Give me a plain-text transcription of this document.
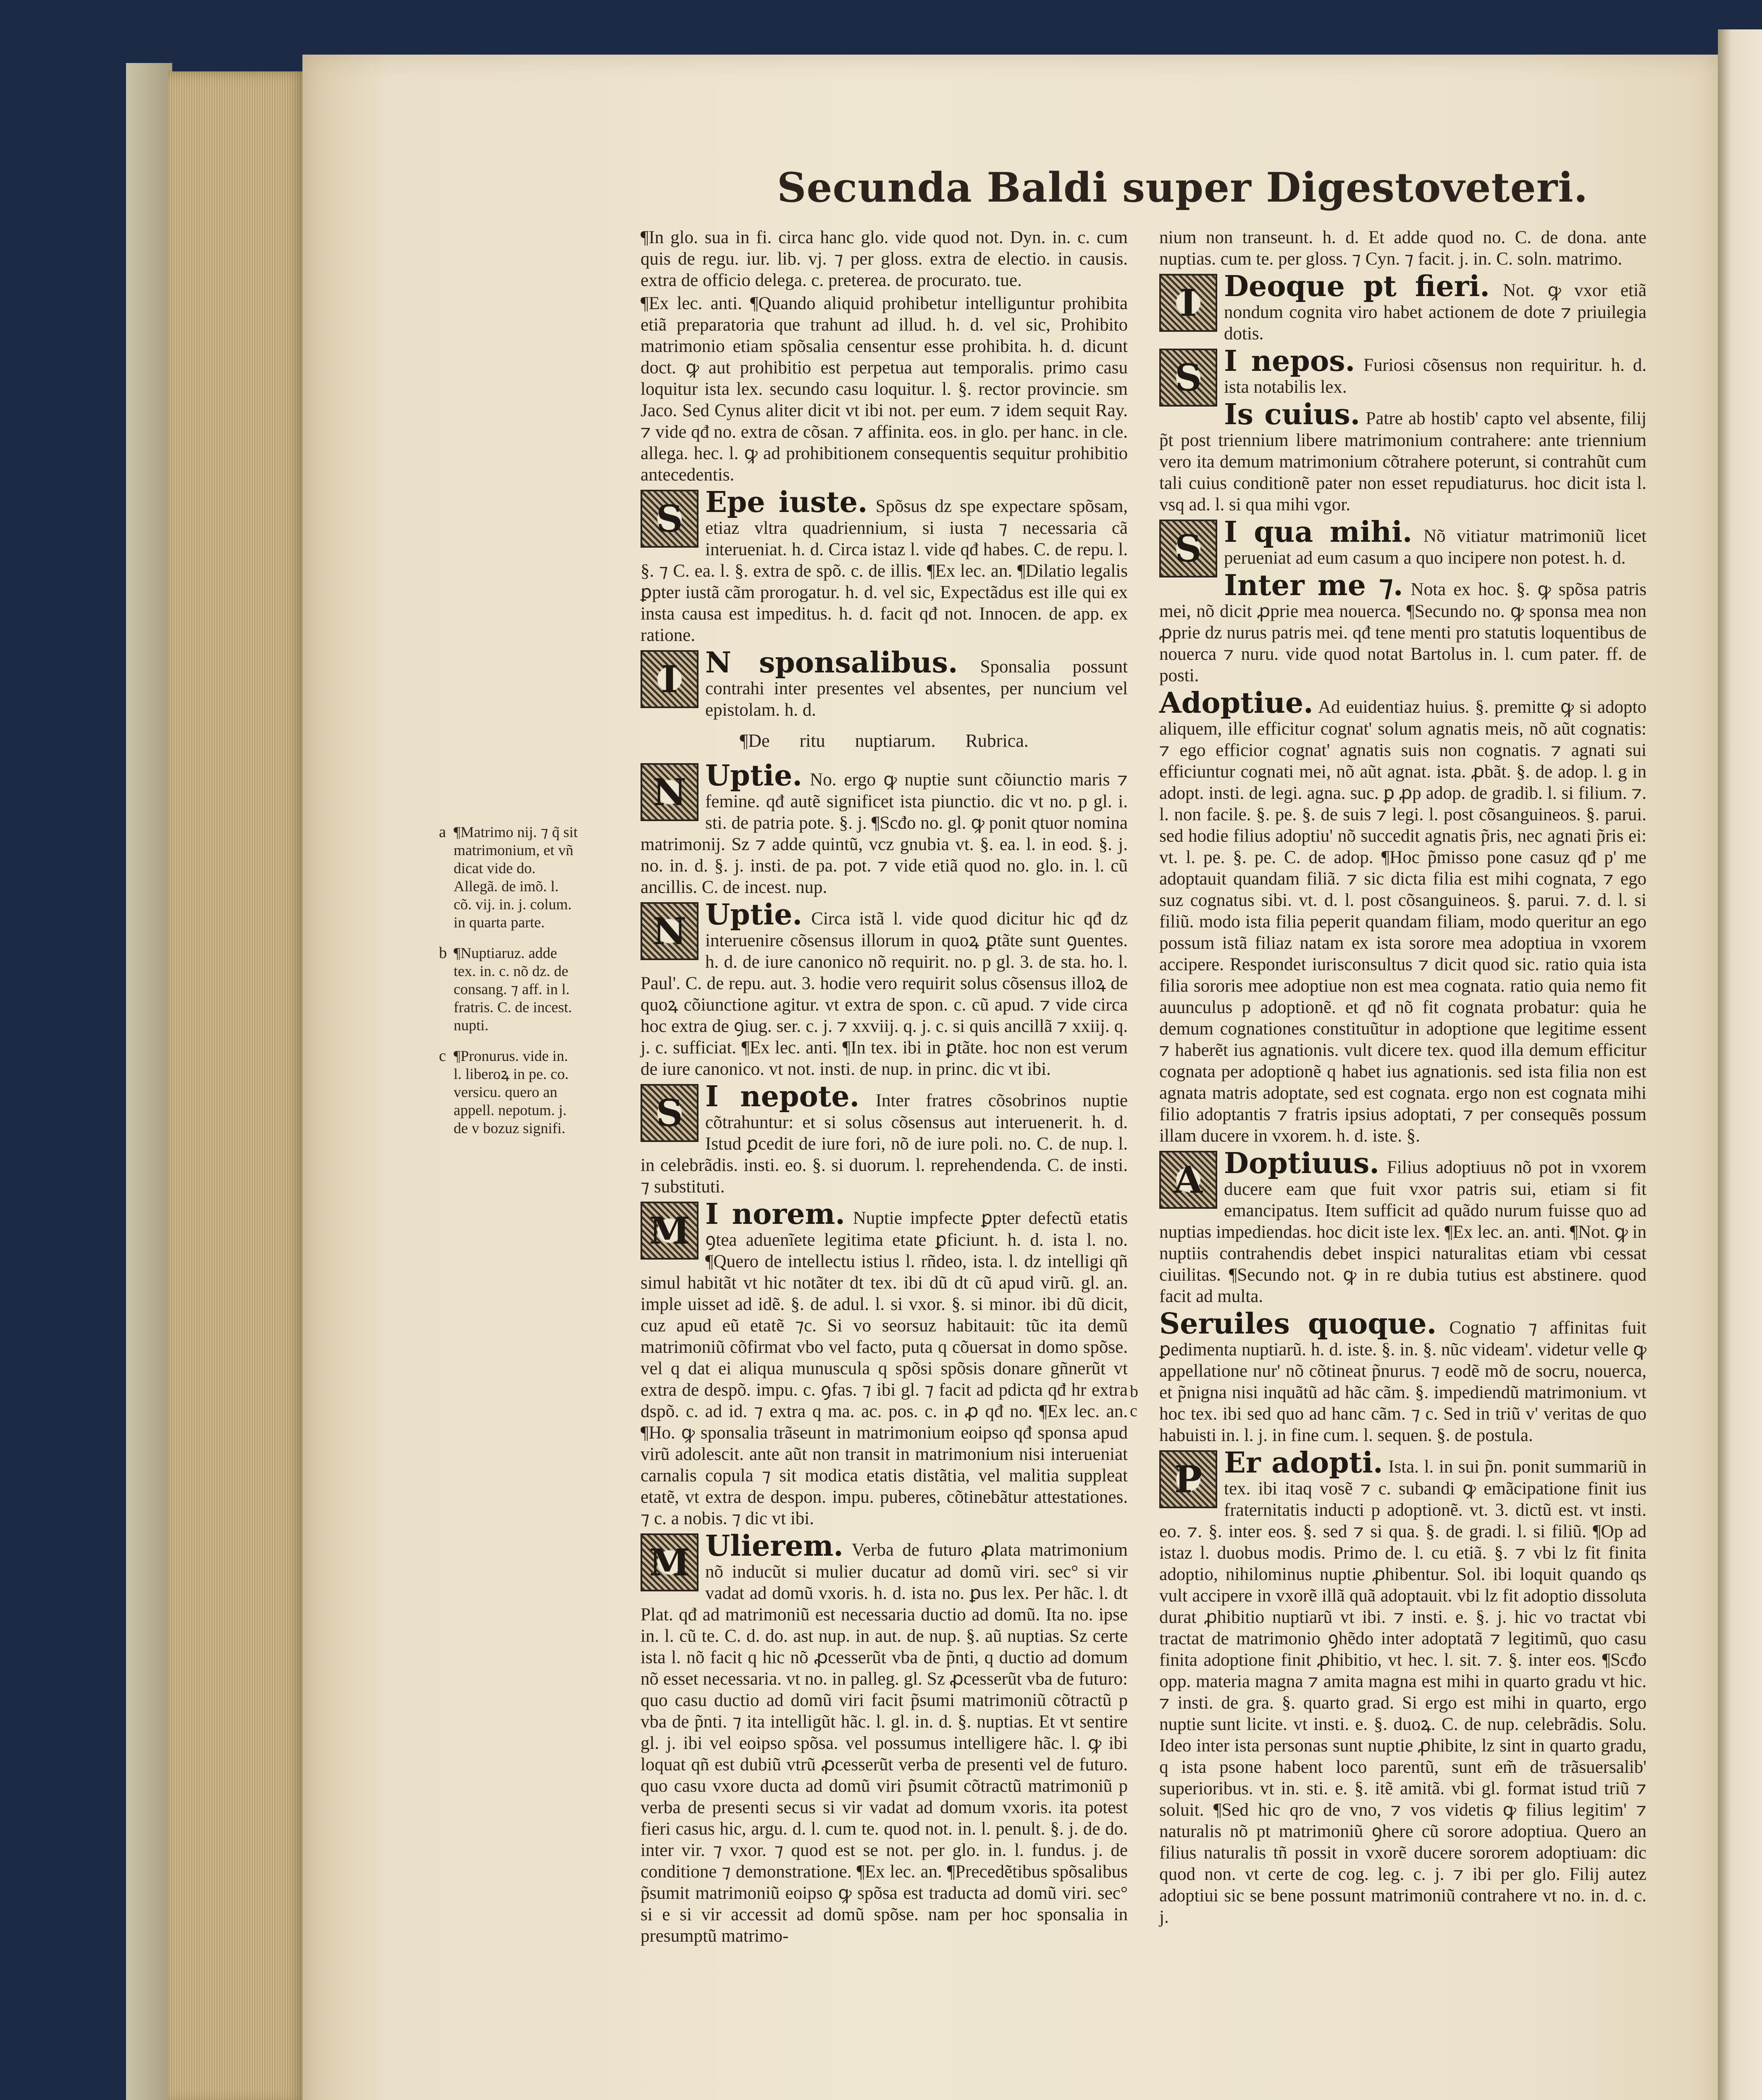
Secunda Baldi super Digestoveteri.

¶In glo. sua in fi. circa hanc glo. vide quod not. Dyn. in. c. cum quis de regu. iur. lib. vj. ⁊ per gloss. extra de electio. in causis. extra de officio delega. c. preterea. de procurato. tue.

¶Ex lec. anti. ¶Quando aliquid prohibetur intelliguntur prohibita etiã preparatoria que trahunt ad illud. h. d. vel sic, Prohibito matrimonio etiam spõsalia censentur esse prohibita. h. d. dicunt doct. ꝙ aut prohibitio est perpetua aut temporalis. primo casu loquitur ista lex. secundo casu loquitur. l. §. rector provincie. sm Jaco. Sed Cynus aliter dicit vt ibi not. per eum. ⁊ idem sequit Ray. ⁊ vide qđ no. extra de cõsan. ⁊ affinita. eos. in glo. per hanc. in cle. allega. hec. l. ꝙ ad prohibitionem consequentis sequitur prohibitio antecedentis.

S Epe iuste. Spõsus dz spe expectare spõsam, etiaz vltra quadriennium, si iusta ⁊ necessaria cã interueniat. h. d. Circa istaz l. vide qđ habes. C. de repu. l. §. ⁊ C. ea. l. §. extra de spõ. c. de illis. ¶Ex lec. an. ¶Dilatio legalis ꝑpter iustã cãm prorogatur. h. d. vel sic, Expectãdus est ille qui ex insta causa est impeditus. h. d. facit qđ not. Innocen. de app. ex ratione.
I N sponsalibus. Sponsalia possunt contrahi inter presentes vel absentes, per nuncium vel epistolam. h. d.
¶De ritu nuptiarum. Rubrica.
N Uptie. No. ergo ꝙ nuptie sunt cõiunctio maris ⁊ femine. qđ autẽ significet ista piunctio. dic vt no. p gl. i. sti. de patria pote. §. j. ¶Scđo no. gl. ꝙ ponit qtuor nomina matrimonij. Sz ⁊ adde quintũ, vcz gnubia vt. §. ea. l. in eod. §. j. no. in. d. §. j. insti. de pa. pot. ⁊ vide etiã quod no. glo. in. l. cũ ancillis. C. de incest. nup.
N Uptie. Circa istã l. vide quod dicitur hic qđ dz interuenire cõsensus illorum in quoꝝ ꝑtãte sunt ꝯuentes. h. d. de iure canonico nõ requirit. no. p gl. 3. de sta. ho. l. Paul'. C. de repu. aut. 3. hodie vero requirit solus cõsensus illoꝝ de quoꝝ cõiunctione agitur. vt extra de spon. c. cũ apud. ⁊ vide circa hoc extra de ꝯiug. ser. c. j. ⁊ xxviij. q. j. c. si quis ancillã ⁊ xxiij. q. j. c. sufficiat. ¶Ex lec. anti. ¶In tex. ibi in ꝑtãte. hoc non est verum de iure canonico. vt not. insti. de nup. in princ. dic vt ibi.
S I nepote. Inter fratres cõsobrinos nuptie cõtrahuntur: et si solus cõsensus aut interuenerit. h. d. Istud ꝑcedit de iure fori, nõ de iure poli. no. C. de nup. l. in celebrãdis. insti. eo. §. si duorum. l. reprehendenda. C. de insti. ⁊ substituti.
M I norem. Nuptie impfecte ꝑpter defectũ etatis ꝯtea aduenĩete legitima etate ꝑficiunt. h. d. ista l. no. ¶Quero de intellectu istius l. rñdeo, ista. l. dz intelligi qñ simul habitãt vt hic notãter dt tex. ibi dũ dt cũ apud virũ. gl. an. imple uisset ad idẽ. §. de adul. l. si vxor. §. si minor. ibi dũ dicit, cuz apud eũ etatẽ ⁊c. Si vo seorsuz habitauit: tũc ita demũ matrimoniũ cõfirmat vbo vel facto, puta q cõuersat in domo spõse. vel q dat ei aliqua munuscula q spõsi spõsis donare gñnerũt vt extra de despõ. impu. c. ꝯfas. ⁊ ibi gl. ⁊ facit ad pdicta qđ hr extra dspõ. c. ad id. ⁊ extra q ma. ac. pos. c. in ꝓ qđ no. ¶Ex lec. an. ¶Ho. ꝙ sponsalia trãseunt in matrimonium eoipso qđ sponsa apud virũ adolescit. ante aũt non transit in matrimonium nisi interueniat carnalis copula ⁊ sit modica etatis distãtia, vel malitia suppleat etatẽ, vt extra de despon. impu. puberes, cõtinebãtur attestationes. ⁊ c. a nobis. ⁊ dic vt ibi.
M Ulierem. Verba de futuro ꝓlata matrimonium nõ inducũt si mulier ducatur ad domũ viri. sec° si vir vadat ad domũ vxoris. h. d. ista no. ꝑus lex. Per hãc. l. dt Plat. qđ ad matrimoniũ est necessaria ductio ad domũ. Ita no. ipse in. l. cũ te. C. d. do. ast nup. in aut. de nup. §. aũ nuptias. Sz certe ista l. nõ facit q hic nõ ꝓcesserũt vba de p̃nti, q ductio ad domum nõ esset necessaria. vt no. in palleg. gl. Sz ꝓcesserũt vba de futuro: quo casu ductio ad domũ viri facit p̃sumi matrimoniũ cõtractũ p vba de p̃nti. ⁊ ita intelligũt hãc. l. gl. in. d. §. nuptias. Et vt sentire gl. j. ibi vel eoipso spõsa. vel possumus intelligere hãc. l. ꝙ ibi loquat qñ est dubiũ vtrũ ꝓcesserũt verba de presenti vel de futuro. quo casu vxore ducta ad domũ viri p̃sumit cõtractũ matrimoniũ p verba de presenti secus si vir vadat ad domum vxoris. ita potest fieri casus hic, argu. d. l. cum te. quod not. in. l. penult. §. j. de do. inter vir. ⁊ vxor. ⁊ quod est se not. per glo. in. l. fundus. j. de conditione ⁊ demonstratione. ¶Ex lec. an. ¶Precedẽtibus spõsalibus p̃sumit matrimoniũ eoipso ꝙ spõsa est traducta ad domũ viri. sec° si e si vir accessit ad domũ spõse. nam per hoc sponsalia in presumptũ matrimo-

nium non transeunt. h. d. Et adde quod no. C. de dona. ante nuptias. cum te. per gloss. ⁊ Cyn. ⁊ facit. j. in. C. soln. matrimo.

I Deoque pt fieri. Not. ꝙ vxor etiã nondum cognita viro habet actionem de dote ⁊ priuilegia dotis.
S I nepos. Furiosi cõsensus non requiritur. h. d. ista notabilis lex.
Is cuius. Patre ab hostib' capto vel absente, filij p̃t post triennium libere matrimonium contrahere: ante triennium vero ita demum matrimonium cõtrahere poterunt, si contrahũt cum tali cuius conditionẽ pater non esset repudiaturus. hoc dicit ista l. vsq ad. l. si qua mihi vgor.
S I qua mihi. Nõ vitiatur matrimoniũ licet perueniat ad eum casum a quo incipere non potest. h. d.
Inter me ⁊. Nota ex hoc. §. ꝙ spõsa patris mei, nõ dicit ꝓprie mea nouerca. ¶Secundo no. ꝙ sponsa mea non ꝓprie dz nurus patris mei. qđ tene menti pro statutis loquentibus de nouerca ⁊ nuru. vide quod notat Bartolus in. l. cum pater. ff. de posti.
Adoptiue. Ad euidentiaz huius. §. premitte ꝙ si adopto aliquem, ille efficitur cognat' solum agnatis meis, nõ aũt cognatis: ⁊ ego efficior cognat' agnatis suis non cognatis. ⁊ agnati sui efficiuntur cognati mei, nõ aũt agnat. ista. ꝓbãt. §. de adop. l. g in adopt. insti. de legi. agna. suc. ꝑ ꝓp adop. de gradib. l. si filium. ⁊. l. non facile. §. pe. §. de suis ⁊ legi. l. post cõsanguineos. §. parui. sed hodie filius adoptiu' nõ succedit agnatis p̃ris, nec agnati p̃ris ei: vt. l. pe. §. pe. C. de adop. ¶Hoc p̃misso pone casuz qđ p' me adoptauit quandam filiã. ⁊ sic dicta filia est mihi cognata, ⁊ ego suz cognatus sibi. vt. d. l. post cõsanguineos. §. parui. ⁊. d. l. si filiũ. modo ista filia peperit quandam filiam, modo queritur an ego possum istã filiaz natam ex ista sorore mea adoptiua in vxorem accipere. Respondet iurisconsultus ⁊ dicit quod sic. ratio quia ista filia sororis mee adoptiue non est mea cognata. ratio quia nemo fit auunculus p adoptionẽ. et qđ nõ fit cognata probatur: quia he demum cognationes constituũtur in adoptione que legitime essent ⁊ haberẽt ius agnationis. vult dicere tex. quod illa demum efficitur cognata per adoptionẽ q habet ius agnationis. sed ista filia non est agnata matris adoptate, sed est cognata. ergo non est cognata mihi filio adoptantis ⁊ fratris ipsius adoptati, ⁊ per consequẽs possum illam ducere in vxorem. h. d. iste. §.
A Doptiuus. Filius adoptiuus nõ pot in vxorem ducere eam que fuit vxor patris sui, etiam si fit emancipatus. Item sufficit ad quãdo nurum fuisse quo ad nuptias impediendas. hoc dicit iste lex. ¶Ex lec. an. anti. ¶Not. ꝙ in nuptiis contrahendis debet inspici naturalitas etiam vbi cessat ciuilitas. ¶Secundo not. ꝙ in re dubia tutius est abstinere. quod facit ad multa.
Seruiles quoque. Cognatio ⁊ affinitas fuit ꝑedimenta nuptiarũ. h. d. iste. §. in. §. nũc videam'. videtur velle ꝙ appellatione nur' nõ cõtineat p̃nurus. ⁊ eodẽ mõ de socru, nouerca, et p̃nigna nisi inquãtũ ad hãc cãm. §. impediendũ matrimonium. vt hoc tex. ibi sed quo ad hanc cãm. ⁊ c. Sed in triũ v' veritas de quo habuisti in. l. j. in fine cum. l. sequen. §. de postula.
P Er adopti. Ista. l. in sui p̃n. ponit summariũ in tex. ibi itaq vosẽ ⁊ c. subandi ꝙ emãcipatione finit ius fraternitatis inducti p adoptionẽ. vt. 3. dictũ est. vt insti. eo. ⁊. §. inter eos. §. sed ⁊ si qua. §. de gradi. l. si filiũ. ¶Op ad istaz l. duobus modis. Primo de. l. cu etiã. §. ⁊ vbi lz fit finita adoptio, nihilominus nuptie ꝓhibentur. Sol. ibi loquit quando qs vult accipere in vxorẽ illã quã adoptauit. vbi lz fit adoptio dissoluta durat ꝓhibitio nuptiarũ vt ibi. ⁊ insti. e. §. j. hic vo tractat vbi tractat de matrimonio ꝯhẽdo inter adoptatã ⁊ legitimũ, quo casu finita adoptione finit ꝓhibitio, vt hec. l. sit. ⁊. §. inter eos. ¶Scđo opp. materia magna ⁊ amita magna est mihi in quarto gradu vt hic. ⁊ insti. de gra. §. quarto grad. Si ergo est mihi in quarto, ergo nuptie sunt licite. vt insti. e. §. duoꝝ. C. de nup. celebrãdis. Solu. Ideo inter ista personas sunt nuptie ꝓhibite, lz sint in quarto gradu, q ista psone habent loco parentũ, sunt em̃ de trãsuersalib' superioribus. vt in. sti. e. §. itẽ amitã. vbi gl. format istud triũ ⁊ soluit. ¶Sed hic qro de vno, ⁊ vos videtis ꝙ filius legitim' ⁊ naturalis nõ pt matrimoniũ ꝯhere cũ sorore adoptiua. Quero an filius naturalis tñ possit in vxorẽ ducere sororem adoptiuam: dic quod non. vt certe de cog. leg. c. j. ⁊ ibi per glo. Filij autez adoptiui sic se bene possunt matrimoniũ contrahere vt no. in. d. c. j.
a ¶Matrimo nij. ⁊ q̃ sit matrimonium, et vñ dicat vide do. Allegã. de imõ. l. cõ. vij. in. j. colum. in quarta parte.
b ¶Nuptiaruz. adde tex. in. c. nõ dz. de consang. ⁊ aff. in l. fratris. C. de incest. nupti.
c ¶Pronurus. vide in. l. liberoꝝ in pe. co. versicu. quero an appell. nepotum. j. de v bozuz signifi.
b
c
